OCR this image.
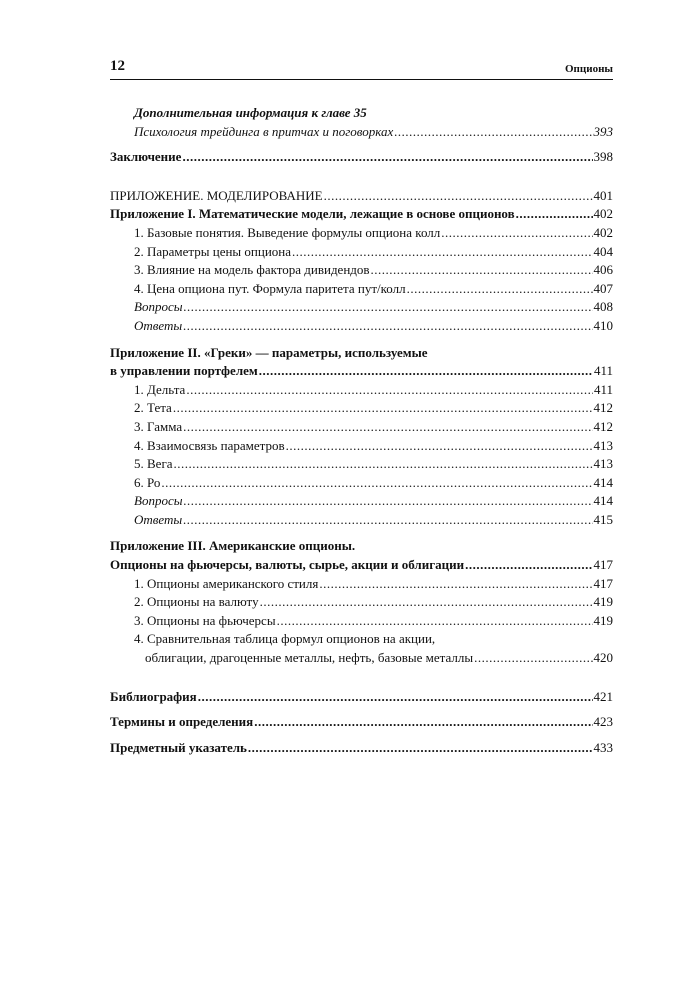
12	Опционы
Дополнительная информация к главе 35
Психология трейдинга в притчах и поговорках .....	393
Заключение .....	398
ПРИЛОЖЕНИЕ. МОДЕЛИРОВАНИЕ .....	401
Приложение I. Математические модели, лежащие в основе опционов .....	402
1. Базовые понятия. Выведение формулы опциона колл .....	402
2. Параметры цены опциона .....	404
3. Влияние на модель фактора дивидендов .....	406
4. Цена опциона пут. Формула паритета пут/колл .....	407
Вопросы .....	408
Ответы .....	410
Приложение II. «Греки» — параметры, используемые
в управлении портфелем .....	411
1. Дельта .....	411
2. Тета .....	412
3. Гамма .....	412
4. Взаимосвязь параметров .....	413
5. Вега .....	413
6. Ро .....	414
Вопросы .....	414
Ответы .....	415
Приложение III. Американские опционы.
Опционы на фьючерсы, валюты, сырье, акции и облигации .....	417
1. Опционы американского стиля .....	417
2. Опционы на валюту .....	419
3. Опционы на фьючерсы .....	419
4. Сравнительная таблица формул опционов на акции,
облигации, драгоценные металлы, нефть, базовые металлы .....	420
Библиография .....	421
Термины и определения .....	423
Предметный указатель .....	433
